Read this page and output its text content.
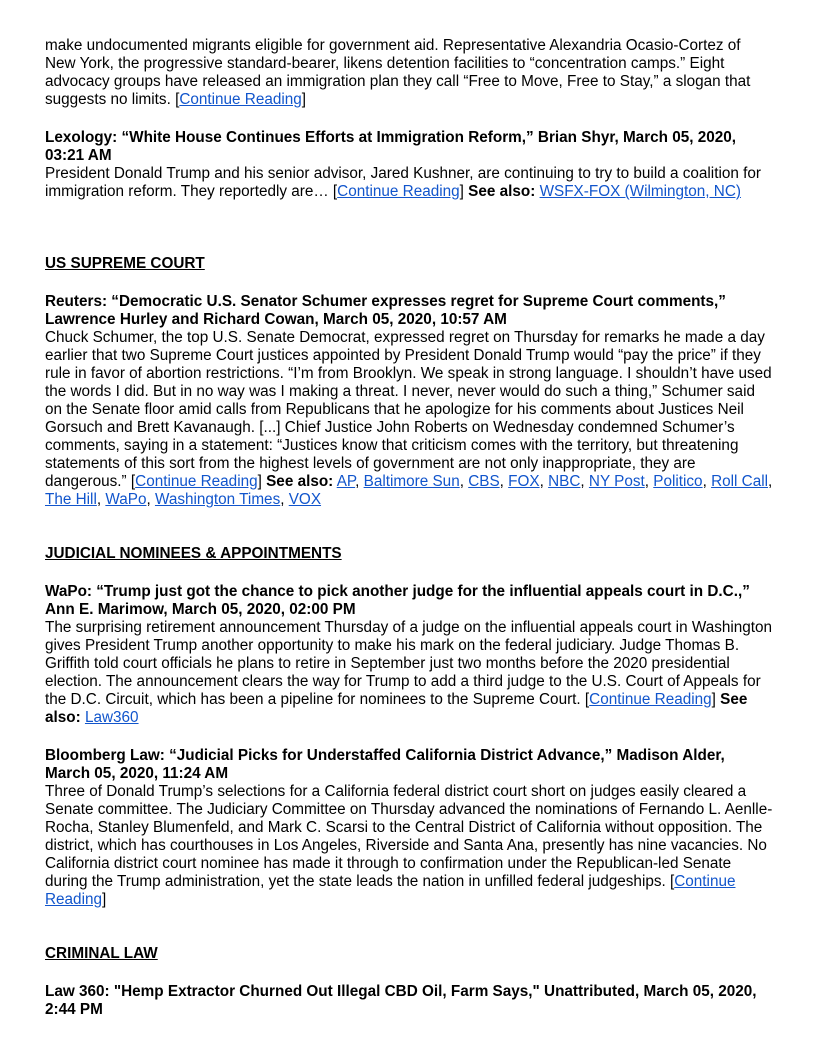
make undocumented migrants eligible for government aid. Representative Alexandria Ocasio-Cortez of New York, the progressive standard-bearer, likens detention facilities to “concentration camps.” Eight advocacy groups have released an immigration plan they call “Free to Move, Free to Stay,” a slogan that suggests no limits. [Continue Reading]

Lexology: “White House Continues Efforts at Immigration Reform,” Brian Shyr, March 05, 2020, 03:21 AM

President Donald Trump and his senior advisor, Jared Kushner, are continuing to try to build a coalition for immigration reform. They reportedly are… [Continue Reading] See also: WSFX-FOX (Wilmington, NC)

US SUPREME COURT

Reuters: “Democratic U.S. Senator Schumer expresses regret for Supreme Court comments,” Lawrence Hurley and Richard Cowan, March 05, 2020, 10:57 AM

Chuck Schumer, the top U.S. Senate Democrat, expressed regret on Thursday for remarks he made a day earlier that two Supreme Court justices appointed by President Donald Trump would “pay the price” if they rule in favor of abortion restrictions. “I’m from Brooklyn. We speak in strong language. I shouldn’t have used the words I did. But in no way was I making a threat. I never, never would do such a thing,” Schumer said on the Senate floor amid calls from Republicans that he apologize for his comments about Justices Neil Gorsuch and Brett Kavanaugh. [...] Chief Justice John Roberts on Wednesday condemned Schumer’s comments, saying in a statement: “Justices know that criticism comes with the territory, but threatening statements of this sort from the highest levels of government are not only inappropriate, they are dangerous.” [Continue Reading] See also: AP, Baltimore Sun, CBS, FOX, NBC, NY Post, Politico, Roll Call, The Hill, WaPo, Washington Times, VOX

JUDICIAL NOMINEES & APPOINTMENTS

WaPo: “Trump just got the chance to pick another judge for the influential appeals court in D.C.,” Ann E. Marimow, March 05, 2020, 02:00 PM

The surprising retirement announcement Thursday of a judge on the influential appeals court in Washington gives President Trump another opportunity to make his mark on the federal judiciary. Judge Thomas B. Griffith told court officials he plans to retire in September just two months before the 2020 presidential election. The announcement clears the way for Trump to add a third judge to the U.S. Court of Appeals for the D.C. Circuit, which has been a pipeline for nominees to the Supreme Court. [Continue Reading] See also: Law360

Bloomberg Law: “Judicial Picks for Understaffed California District Advance,” Madison Alder, March 05, 2020, 11:24 AM

Three of Donald Trump’s selections for a California federal district court short on judges easily cleared a Senate committee. The Judiciary Committee on Thursday advanced the nominations of Fernando L. Aenlle-Rocha, Stanley Blumenfeld, and Mark C. Scarsi to the Central District of California without opposition. The district, which has courthouses in Los Angeles, Riverside and Santa Ana, presently has nine vacancies. No California district court nominee has made it through to confirmation under the Republican-led Senate during the Trump administration, yet the state leads the nation in unfilled federal judgeships. [Continue Reading]

CRIMINAL LAW

Law 360: "Hemp Extractor Churned Out Illegal CBD Oil, Farm Says," Unattributed, March 05, 2020, 2:44 PM
